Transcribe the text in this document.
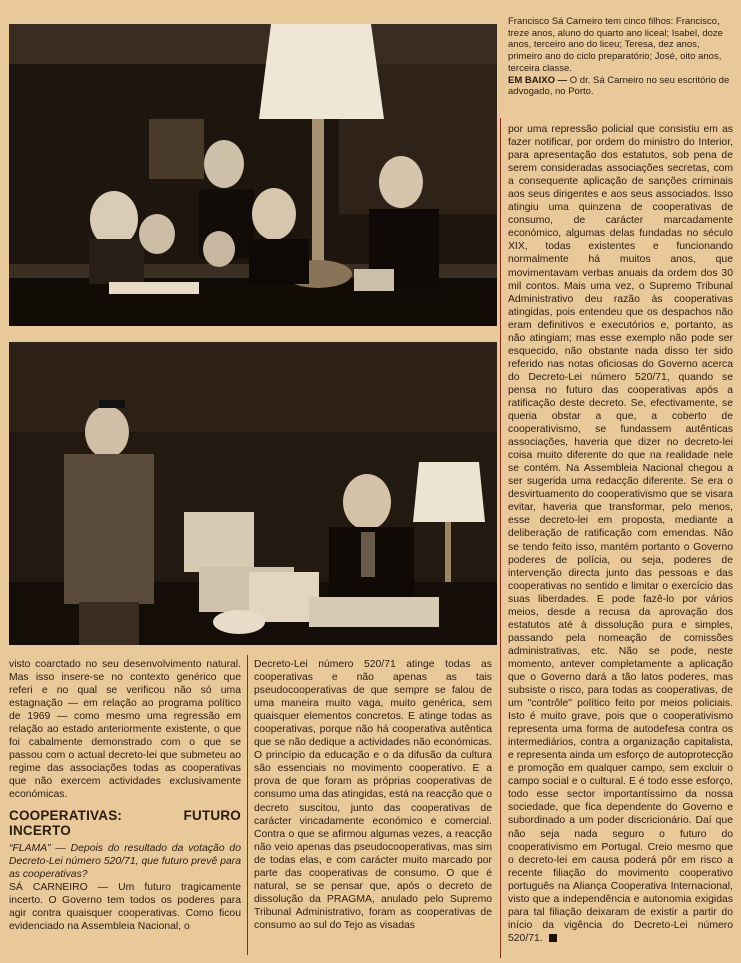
Francisco Sá Carneiro tem cinco filhos: Francisco, treze anos, aluno do quarto ano liceal; Isabel, doze anos, terceiro ano do liceu; Teresa, dez anos, primeiro ano do ciclo preparatório; José, oito anos, terceira classe.

EM BAIXO — O dr. Sá Carneiro no seu escritório de advogado, no Porto.

por uma repressão policial que consistiu em as fazer notificar, por ordem do ministro do Interior, para apresentação dos estatutos, sob pena de serem consideradas associações secretas, com a consequente aplicação de sanções criminais aos seus dirigentes e aos seus associados. Isso atingiu uma quinzena de cooperativas de consumo, de carácter marcadamente económico, algumas delas fundadas no século XIX, todas existentes e funcionando normalmente há muitos anos, que movimentavam verbas anuais da ordem dos 30 mil contos. Mais uma vez, o Supremo Tribunal Administrativo deu razão às cooperativas atingidas, pois entendeu que os despachos não eram definitivos e executórios e, portanto, as não atingiam; mas esse exemplo não pode ser esquecido, não obstante nada disso ter sido referido nas notas oficiosas do Governo acerca do Decreto-Lei número 520/71, quando se pensa no futuro das cooperativas após a ratificação deste decreto. Se, efectivamente, se queria obstar a que, a coberto de cooperativismo, se fundassem autênticas associações, haveria que dizer no decreto-lei coisa muito diferente do que na realidade nele se contém. Na Assembleia Nacional chegou a ser sugerida uma redacção diferente. Se era o desvirtuamento do cooperativismo que se visara evitar, haveria que transformar, pelo menos, esse decreto-lei em proposta, mediante a deliberação de ratificação com emendas. Não se tendo feito isso, mantém portanto o Governo poderes de polícia, ou seja, poderes de intervenção directa junto das pessoas e das cooperativas no sentido e limitar o exercício das suas liberdades. E pode fazê-lo por vários meios, desde a recusa da aprovação dos estatutos até à dissolução pura e simples, passando pela nomeação de comissões administrativas, etc. Não se pode, neste momento, antever completamente a aplicação que o Governo dará a tão latos poderes, mas subsiste o risco, para todas as cooperativas, de um "contrôle" político feito por meios policiais. Isto é muito grave, pois que o cooperativismo representa uma forma de autodefesa contra os intermediários, contra a organização capitalista, e representa ainda um esforço de autoprotecção e promoção em qualquer campo, sem excluir o campo social e o cultural. E é todo esse esforço, todo esse sector importantíssimo da nossa sociedade, que fica dependente do Governo e subordinado a um poder discricionário. Daí que não seja nada seguro o futuro do cooperativismo em Portugal. Creio mesmo que o decreto-lei em causa poderá pôr em risco a recente filiação do movimento cooperativo português na Aliança Cooperativa Internacional, visto que a independência e autonomia exigidas para tal filiação deixaram de existir a partir do início da vigência do Decreto-Lei número 520/71.

visto coarctado no seu desenvolvimento natural. Mas isso insere-se no contexto genérico que referi e no qual se verificou não só uma estagnação — em relação ao programa político de 1969 — como mesmo uma regressão em relação ao estado anteriormente existente, o que foi cabalmente demonstrado com o que se passou com o actual decreto-lei que submeteu ao regime das associações todas as cooperativas que não exercem actividades exclusivamente económicas.

COOPERATIVAS: FUTURO INCERTO

“FLAMA” — Depois do resultado da votação do Decreto-Lei número 520/71, que futuro prevê para as cooperativas?

SÁ CARNEIRO — Um futuro tragicamente incerto. O Governo tem todos os poderes para agir contra quaisquer cooperativas. Como ficou evidenciado na Assembleia Nacional, o

Decreto-Lei número 520/71 atinge todas as cooperativas e não apenas as tais pseudocooperativas de que sempre se falou de uma maneira muito vaga, muito genérica, sem quaisquer elementos concretos. E atinge todas as cooperativas, porque não há cooperativa autêntica que se não dedique a actividades não económicas. O princípio da educação e o da difusão da cultura são essenciais no movimento cooperativo. E a prova de que foram as próprias cooperativas de consumo uma das atingidas, está na reacção que o decreto suscitou, junto das cooperativas de carácter vincadamente económico e comercial. Contra o que se afirmou algumas vezes, a reacção não veio apenas das pseudocooperativas, mas sim de todas elas, e com carácter muito marcado por parte das cooperativas de consumo. O que é natural, se se pensar que, após o decreto de dissolução da PRAGMA, anulado pelo Supremo Tribunal Administrativo, foram as cooperativas de consumo ao sul do Tejo as visadas
